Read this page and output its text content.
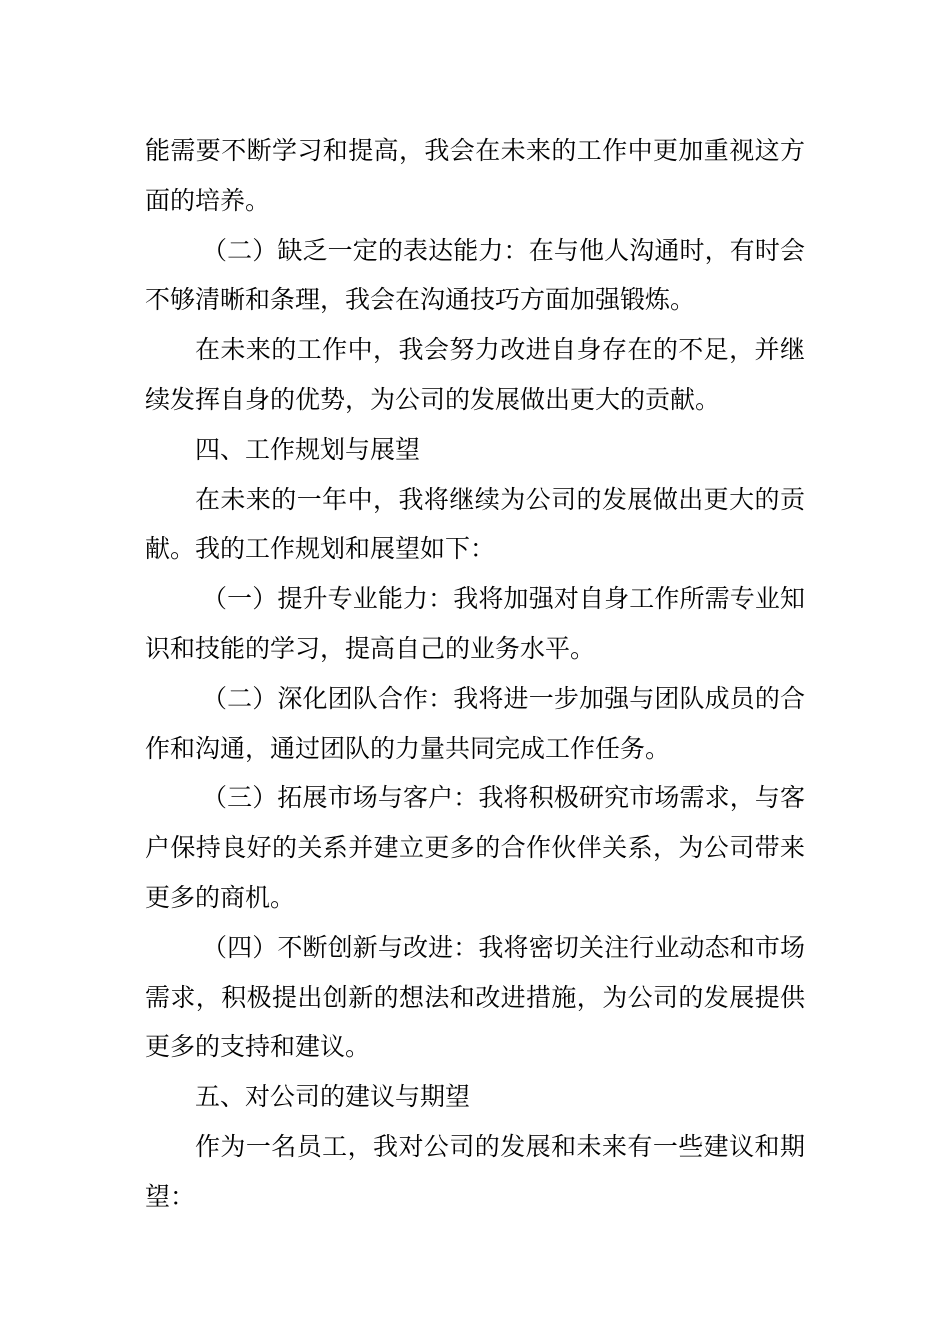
能需要不断学习和提高，我会在未来的工作中更加重视这方面的培养。

（二）缺乏一定的表达能力：在与他人沟通时，有时会不够清晰和条理，我会在沟通技巧方面加强锻炼。

在未来的工作中，我会努力改进自身存在的不足，并继续发挥自身的优势，为公司的发展做出更大的贡献。

四、工作规划与展望

在未来的一年中，我将继续为公司的发展做出更大的贡献。我的工作规划和展望如下：

（一）提升专业能力：我将加强对自身工作所需专业知识和技能的学习，提高自己的业务水平。

（二）深化团队合作：我将进一步加强与团队成员的合作和沟通，通过团队的力量共同完成工作任务。

（三）拓展市场与客户：我将积极研究市场需求，与客户保持良好的关系并建立更多的合作伙伴关系，为公司带来更多的商机。

（四）不断创新与改进：我将密切关注行业动态和市场需求，积极提出创新的想法和改进措施，为公司的发展提供更多的支持和建议。

五、对公司的建议与期望

作为一名员工，我对公司的发展和未来有一些建议和期望：
